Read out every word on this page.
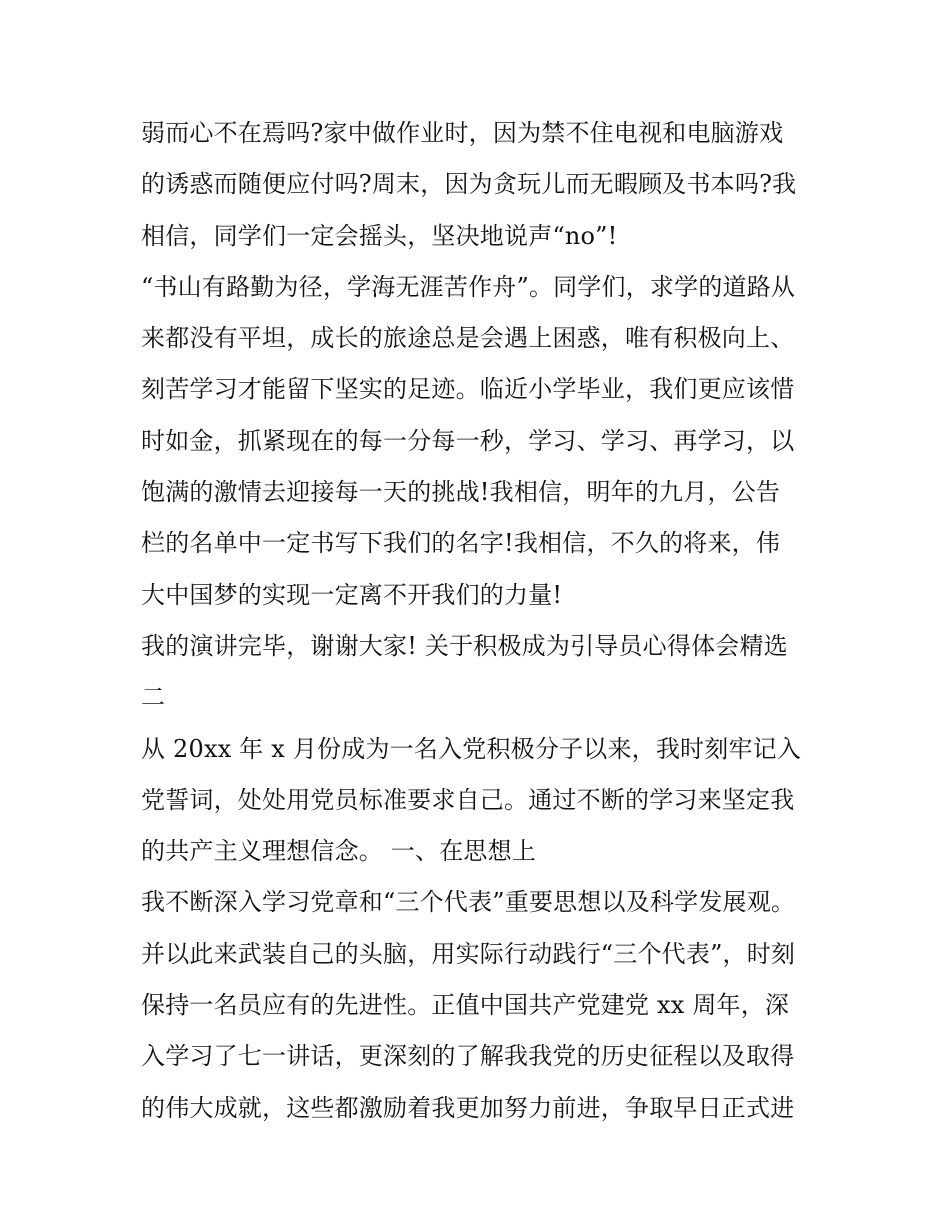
弱而心不在焉吗?家中做作业时，因为禁不住电视和电脑游戏
的诱惑而随便应付吗?周末，因为贪玩儿而无暇顾及书本吗?我
相信，同学们一定会摇头，坚决地说声“no”!
“书山有路勤为径，学海无涯苦作舟”。同学们，求学的道路从
来都没有平坦，成长的旅途总是会遇上困惑，唯有积极向上、
刻苦学习才能留下坚实的足迹。临近小学毕业，我们更应该惜
时如金，抓紧现在的每一分每一秒，学习、学习、再学习，以
饱满的激情去迎接每一天的挑战!我相信，明年的九月，公告
栏的名单中一定书写下我们的名字!我相信，不久的将来，伟
大中国梦的实现一定离不开我们的力量!
我的演讲完毕，谢谢大家! 关于积极成为引导员心得体会精选
二
从 20xx 年 x 月份成为一名入党积极分子以来，我时刻牢记入
党誓词，处处用党员标准要求自己。通过不断的学习来坚定我
的共产主义理想信念。 一、在思想上
我不断深入学习党章和“三个代表”重要思想以及科学发展观。
并以此来武装自己的头脑，用实际行动践行“三个代表”，时刻
保持一名员应有的先进性。正值中国共产党建党 xx 周年，深
入学习了七一讲话，更深刻的了解我我党的历史征程以及取得
的伟大成就，这些都激励着我更加努力前进，争取早日正式进
